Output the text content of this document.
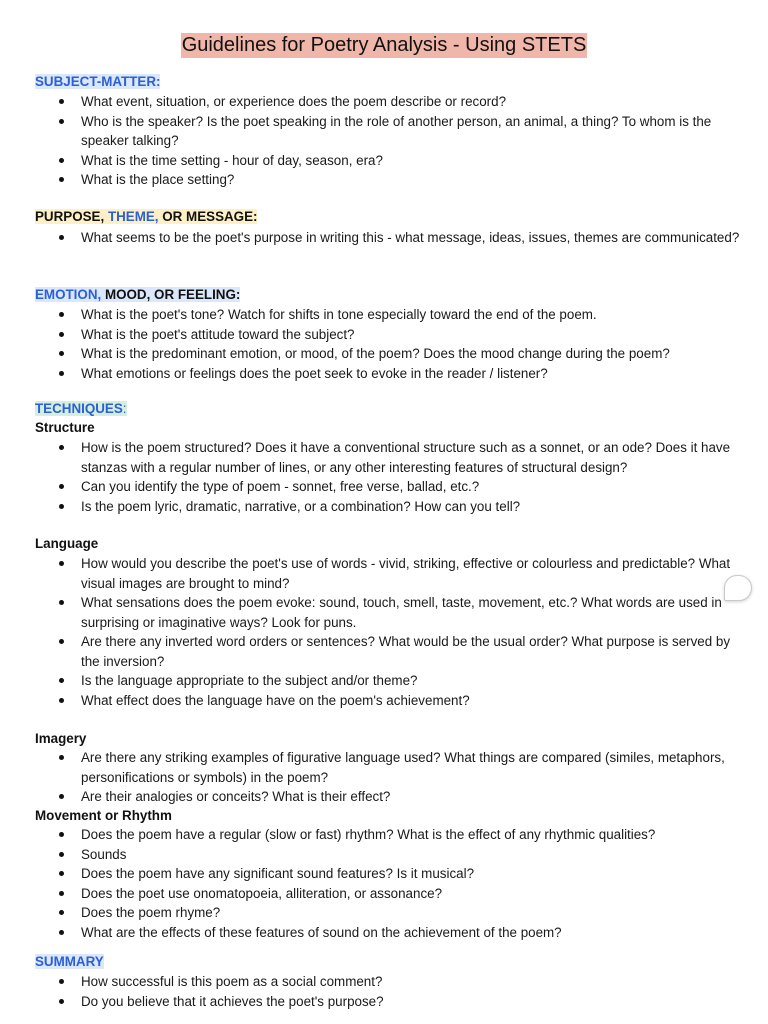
Guidelines for Poetry Analysis - Using STETS
SUBJECT-MATTER:
What event, situation, or experience does the poem describe or record?
Who is the speaker? Is the poet speaking in the role of another person, an animal, a thing? To whom is the speaker talking?
What is the time setting - hour of day, season, era?
What is the place setting?
PURPOSE, THEME, OR MESSAGE:
What seems to be the poet's purpose in writing this - what message, ideas, issues, themes are communicated?
EMOTION, MOOD, OR FEELING:
What is the poet's tone? Watch for shifts in tone especially toward the end of the poem.
What is the poet's attitude toward the subject?
What is the predominant emotion, or mood, of the poem? Does the mood change during the poem?
What emotions or feelings does the poet seek to evoke in the reader / listener?
TECHNIQUES:
Structure
How is the poem structured? Does it have a conventional structure such as a sonnet, or an ode? Does it have stanzas with a regular number of lines, or any other interesting features of structural design?
Can you identify the type of poem - sonnet, free verse, ballad, etc.?
Is the poem lyric, dramatic, narrative, or a combination? How can you tell?
Language
How would you describe the poet's use of words - vivid, striking, effective or colourless and predictable? What visual images are brought to mind?
What sensations does the poem evoke: sound, touch, smell, taste, movement, etc.? What words are used in surprising or imaginative ways? Look for puns.
Are there any inverted word orders or sentences? What would be the usual order? What purpose is served by the inversion?
Is the language appropriate to the subject and/or theme?
What effect does the language have on the poem's achievement?
Imagery
Are there any striking examples of figurative language used? What things are compared (similes, metaphors, personifications or symbols) in the poem?
Are their analogies or conceits? What is their effect?
Movement or Rhythm
Does the poem have a regular (slow or fast) rhythm? What is the effect of any rhythmic qualities?
Sounds
Does the poem have any significant sound features? Is it musical?
Does the poet use onomatopoeia, alliteration, or assonance?
Does the poem rhyme?
What are the effects of these features of sound on the achievement of the poem?
SUMMARY
How successful is this poem as a social comment?
Do you believe that it achieves the poet's purpose?
